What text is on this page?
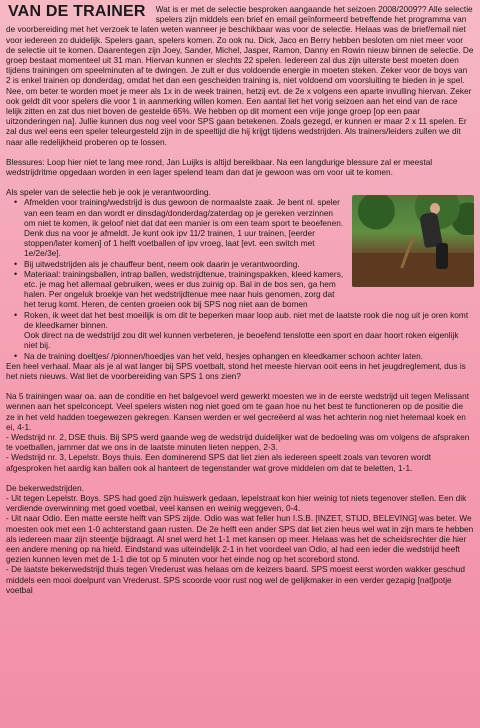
VAN DE TRAINER Wat is er met de selectie besproken aangaande het seizoen 2008/2009?? Alle selectie spelers zijn middels een brief en email geïnformeerd betreffende het programma van de voorbereiding met het verzoek te laten weten wanneer je beschikbaar was voor de selectie. Helaas was de brief/email niet voor iedereen zo duidelijk. Spelers gaan, spelers komen. Zo ook nu. Dick, Jaco en Berry hebben besloten om niet meer voor de selectie uit te komen. Daarentegen zijn Joey, Sander, Michel, Jasper, Ramon, Danny en Rowin nieuw binnen de selectie. De groep bestaat momenteel uit 31 man. Hiervan kunnen er slechts 22 spelen. Iedereen zal dus zijn uiterste best moeten doen tijdens trainingen om speelminuten af te dwingen. Je zult er dus voldoende energie in moeten steken. Zeker voor de boys van 2 is enkel trainen op donderdag, omdat het dan een gescheiden training is, niet voldoend om voorsluiting te bieden in je spel. Nee, om beter te worden moet je meer als 1x in de week trainen, hetzij evt. de 2e x volgens een aparte invulling hiervan. Zeker ook geldt dit voor spelers die voor 1 in aanmerking willen komen. Een aantal liet het vorig seizoen aan het eind van de race lelijk zitten en zat dus niet boven de gestelde 65%. We hebben op dit moment een vrije jonge groep [op een paar uitzonderingen na]. Jullie kunnen dus nog veel voor SPS gaan betekenen. Zoals gezegd, er kunnen er maar 2 x 11 spelen. Er zal dus wel eens een speler teleurgesteld zijn in de speeltijd die hij krijgt tijdens wedstrijden. Als trainers/leiders zullen we dit naar alle redelijkheid proberen op te lossen.

Blessures: Loop hier niet te lang mee rond, Jan Luijks is altijd bereikbaar. Na een langdurige blessure zal er meestal wedstrijdritme opgedaan worden in een lager spelend team dan dat je gewoon was om voor uit te komen.

Als speler van de selectie heb je ook je verantwoording.

• Afmelden voor training/wedstrijd is dus gewoon de normaalste zaak. Je bent nl. speler van een team en dan wordt er dinsdag/donderdag/zaterdag op je gereken verzinnen om niet te komen, ik geloof niet dat dat een manier is om een team sport te beoefenen. Denk dus na voor je afmeldt. Je kunt ook ipv 11/2 trainen, 1 uur trainen, [eerder stoppen/later komen] of 1 helft voetballen of ipv vroeg, laat [evt. een switch met 1e/2e/3e].
• Bij uitwedstrijden als je chauffeur bent, neem ook daarin je verantwoording.
• Materiaal: trainingsballen, intrap ballen, wedstrijdtenue, trainingspakken, kleed kamers, etc. je mag het allemaal gebruiken, wees er dus zuinig op. Bal in de bos sen, ga hem halen. Per ongeluk broekje van het wedstrijdtenue mee naar huis genomen, zorg dat het terug komt. Heren, de centen groeien ook bij SPS nog niet aan de bomen
• Roken, ik weet dat het best moeilijk is om dit te beperken maar loop aub. niet met de laatste rook die nog uit je oren komt de kleedkamer binnen.
Ook direct na de wedstrijd zou dit wel kunnen verbeteren, je beoefend tenslotte een sport en daar hoort roken eigenlijk niet bij.
• Na de training doeltjes/ /pionnen/hoedjes van het veld, hesjes ophangen en kleedkamer schoon achter laten.

Een heel verhaal. Maar als je al wat langer bij SPS voetbalt, stond het meeste hiervan ooit eens in het jeugdreglement, dus is het niets nieuws. Wat liet de voorbereiding van SPS 1 ons zien?

Na 5 trainingen waar oa. aan de conditie en het balgevoel werd gewerkt moesten we in de eerste wedstrijd uit tegen Melissant wennen aan het spelconcept. Veel spelers wisten nog niet goed om te gaan hoe nu het best te functioneren op de positie die ze in het veld hadden toegewezen gekregen. Kansen werden er wel gecreëerd al was het achterin nog niet helemaal koek en ei, 4-1.
- Wedstrijd nr. 2, DSE thuis. Bij SPS werd gaande weg de wedstrijd duidelijker wat de bedoeling was om volgens de afspraken te voetballen, jammer dat we ons in de laatste minuten lieten neppen, 2-3.
- Wedstrijd nr. 3, Lepelstr. Boys thuis. Een dominerend SPS dat liet zien als iedereen speelt zoals van tevoren wordt afgesproken het aardig kan ballen ook al hanteert de tegenstander wat grove middelen om dat te beletten, 1-1.
De bekerwedstrijden.
- Uit tegen Lepelstr. Boys. SPS had goed zijn huiswerk gedaan, lepelstraat kon hier weinig tot niets tegenover stellen. Een dik verdiende overwinning met goed voetbal, veel kansen en weinig weggeven, 0-4.
- Uit naar Odio. Een matte eerste helft van SPS zijde. Odio was wat feller hun I.S.B. [INZET, STIJD, BELEVING] was beter. We moesten ook met een 1-0 achterstand gaan rusten. De 2e helft een ander SPS dat liet zien heus wel wat in zijn mars te hebben als iedereen maar zijn steentje bijdraagt. Al snel werd het 1-1 met kansen op meer. Helaas was het de scheidsrechter die hier een andere mening op na hield. Eindstand was uiteindelijk 2-1 in het voordeel van Odio, al had een ieder die wedstrijd heeft gezien kunnen leven met de 1-1 die tot op 5 minuten voor het einde nog op het scorebord stond.
- De laatste bekerwedstrijd thuis tegen Vrederust was helaas om de keizers baard. SPS moest eerst worden wakker geschud middels een mooi doelpunt van Vrederust. SPS scoorde voor rust nog wel de gelijkmaker in een verder gezapig [nat]potje voetbal
